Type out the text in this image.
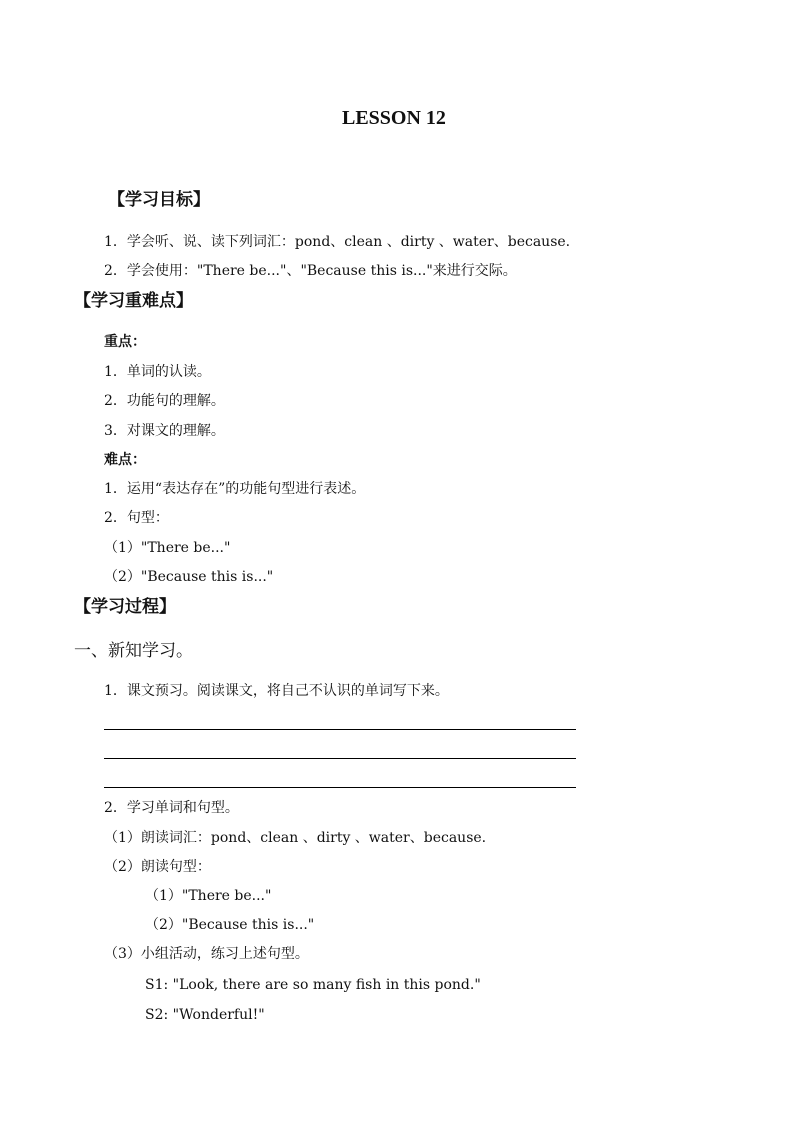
LESSON 12
【学习目标】
1．学会听、说、读下列词汇：pond、clean 、dirty 、water、because.
2．学会使用："There be..."、"Because this is..."来进行交际。
【学习重难点】
重点：
1．单词的认读。
2．功能句的理解。
3．对课文的理解。
难点：
1．运用“表达存在”的功能句型进行表述。
2．句型：
（1）"There be..."
（2）"Because this is..."
【学习过程】
一、新知学习。
1．课文预习。阅读课文，将自己不认识的单词写下来。
2．学习单词和句型。
（1）朗读词汇：pond、clean 、dirty 、water、because.
（2）朗读句型：
（1）"There be..."
（2）"Because this is..."
（3）小组活动，练习上述句型。
S1: "Look, there are so many fish in this pond."
S2: "Wonderful!"
